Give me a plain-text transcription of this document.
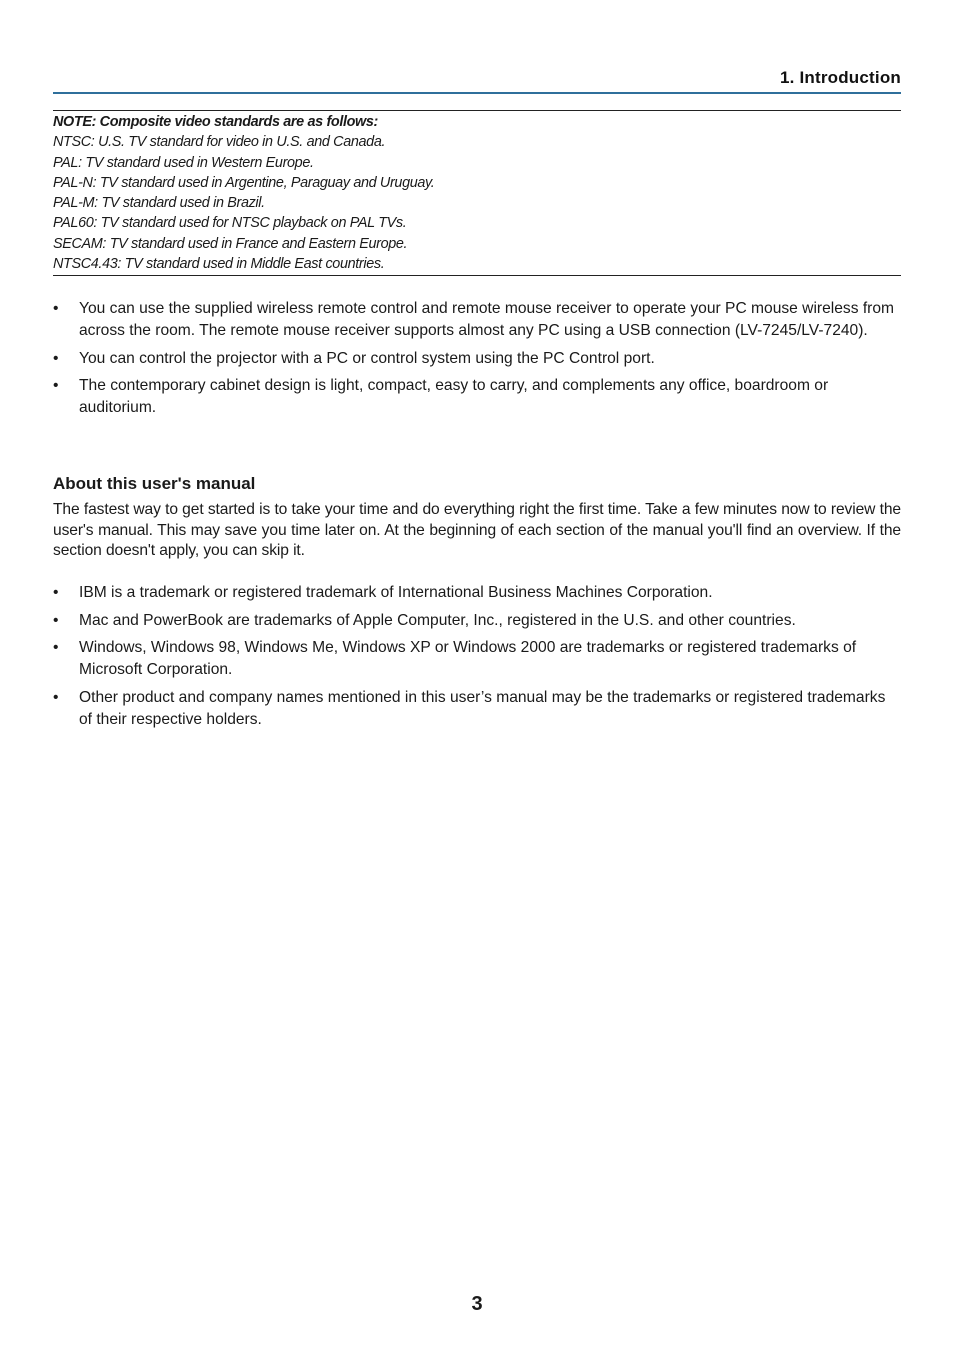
1. Introduction
NOTE: Composite video standards are as follows:
NTSC: U.S. TV standard for video in U.S. and Canada.
PAL: TV standard used in Western Europe.
PAL-N: TV standard used in Argentine, Paraguay and Uruguay.
PAL-M: TV standard used in Brazil.
PAL60: TV standard used for NTSC playback on PAL TVs.
SECAM: TV standard used in France and Eastern Europe.
NTSC4.43: TV standard used in Middle East countries.
• You can use the supplied wireless remote control and remote mouse receiver to operate your PC mouse wireless from across the room. The remote mouse receiver supports almost any PC using a USB connection (LV-7245/LV-7240).
• You can control the projector with a PC or control system using the PC Control port.
• The contemporary cabinet design is light, compact, easy to carry, and complements any office, boardroom or auditorium.
About this user's manual
The fastest way to get started is to take your time and do everything right the first time. Take a few minutes now to review the user's manual. This may save you time later on. At the beginning of each section of the manual you'll find an overview. If the section doesn't apply, you can skip it.
• IBM is a trademark or registered trademark of International Business Machines Corporation.
• Mac and PowerBook are trademarks of Apple Computer, Inc., registered in the U.S. and other countries.
• Windows, Windows 98, Windows Me, Windows XP or Windows 2000 are trademarks or registered trademarks of Microsoft Corporation.
• Other product and company names mentioned in this user’s manual may be the trademarks or registered trademarks of their respective holders.
3
